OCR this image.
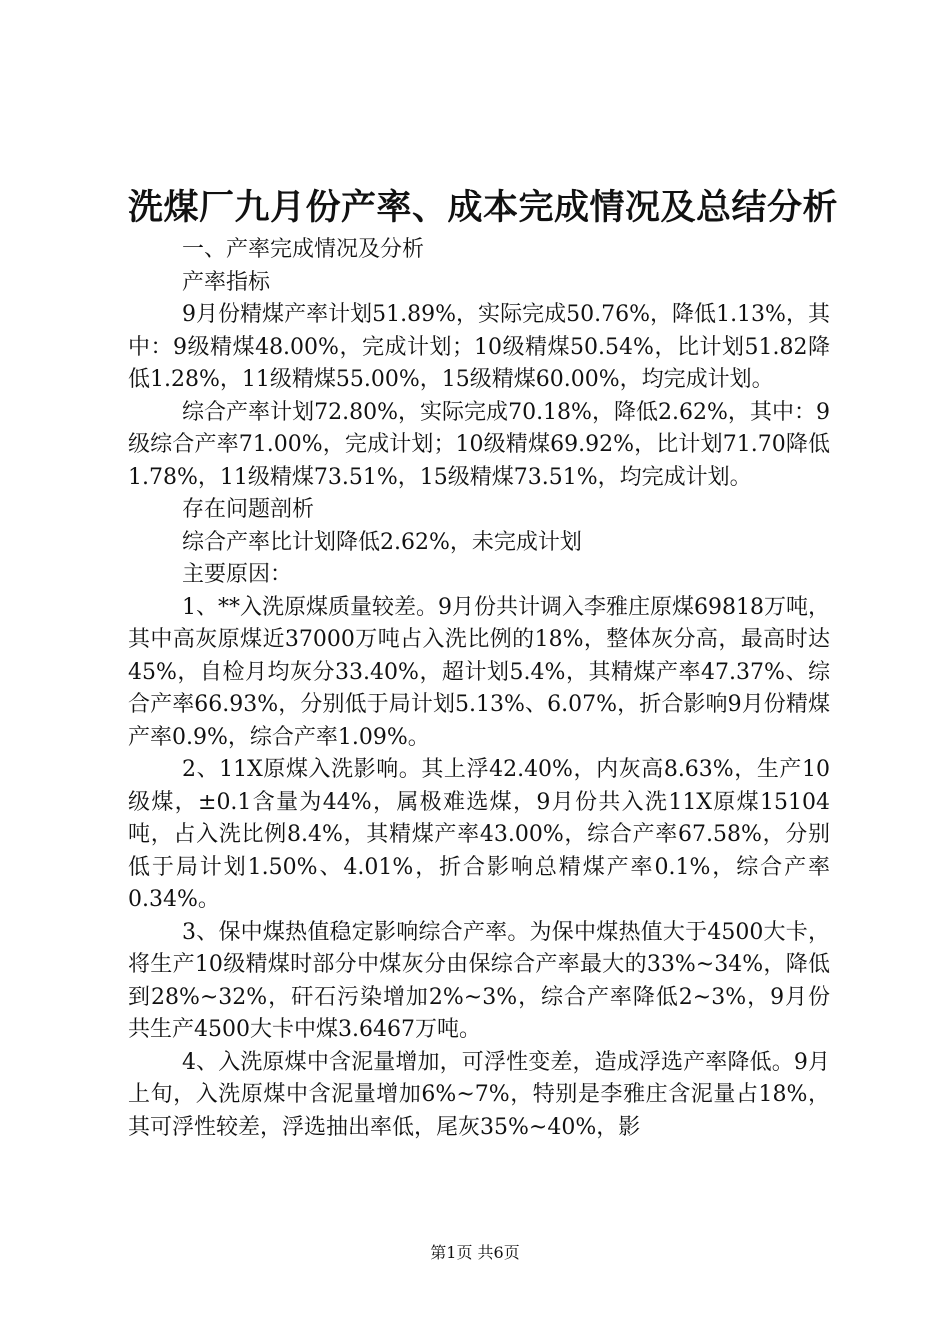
洗煤厂九月份产率、成本完成情况及总结分析

一、产率完成情况及分析

产率指标

9月份精煤产率计划51.89%，实际完成50.76%，降低1.13%，其中：9级精煤48.00%，完成计划；10级精煤50.54%，比计划51.82降低1.28%，11级精煤55.00%，15级精煤60.00%，均完成计划。

综合产率计划72.80%，实际完成70.18%，降低2.62%，其中：9级综合产率71.00%，完成计划；10级精煤69.92%，比计划71.70降低1.78%，11级精煤73.51%，15级精煤73.51%，均完成计划。

存在问题剖析

综合产率比计划降低2.62%，未完成计划

主要原因：

1、**入洗原煤质量较差。9月份共计调入李雅庄原煤69818万吨，其中高灰原煤近37000万吨占入洗比例的18%，整体灰分高，最高时达45%，自检月均灰分33.40%，超计划5.4%，其精煤产率47.37%、综合产率66.93%，分别低于局计划5.13%、6.07%，折合影响9月份精煤产率0.9%，综合产率1.09%。

2、11X原煤入洗影响。其上浮42.40%，内灰高8.63%，生产10级煤，±0.1含量为44%，属极难选煤，9月份共入洗11X原煤15104吨，占入洗比例8.4%，其精煤产率43.00%，综合产率67.58%，分别低于局计划1.50%、4.01%，折合影响总精煤产率0.1%，综合产率0.34%。

3、保中煤热值稳定影响综合产率。为保中煤热值大于4500大卡，将生产10级精煤时部分中煤灰分由保综合产率最大的33%~34%，降低到28%~32%，矸石污染增加2%~3%，综合产率降低2~3%，9月份共生产4500大卡中煤3.6467万吨。

4、入洗原煤中含泥量增加，可浮性变差，造成浮选产率降低。9月上旬，入洗原煤中含泥量增加6%~7%，特别是李雅庄含泥量占18%，其可浮性较差，浮选抽出率低，尾灰35%~40%，影

第1页 共6页
